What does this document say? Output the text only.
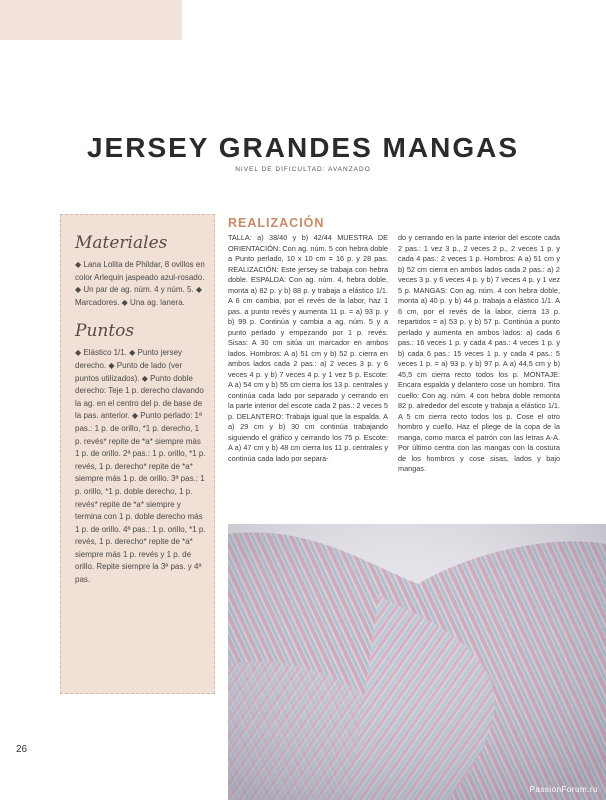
JERSEY GRANDES MANGAS
NIVEL DE DIFICULTAD: AVANZADO
Materiales
◆ Lana Lolita de Phildar, 8 ovillos en color Arlequin jaspeado azul-rosado. ◆ Un par de ag. núm. 4 y núm. 5. ◆ Marcadores. ◆ Una ag. lanera.
Puntos
◆ Elástico 1/1. ◆ Punto jersey derecho. ◆ Punto de lado (ver puntos utilizados). ◆ Punto doble derecho: Teje 1 p. derecho clavando la ag. en el centro del p. de base de la pas. anterior. ◆ Punto perlado: 1ª pas.: 1 p. de orillo, *1 p. derecho, 1 p. revés* repite de *a* siempre más 1 p. de orillo. 2ª pas.: 1 p. orillo, *1 p. revés, 1 p. derecho* repite de *a* siempre más 1 p. de orillo. 3ª pas.: 1 p. orillo, *1 p. doble derecho, 1 p. revés* repite de *a* siempre y termina con 1 p. doble derecho más 1 p. de orillo. 4ª pas.: 1 p. orillo, *1 p. revés, 1 p. derecho* repite de *a* siempre más 1 p. revés y 1 p. de orillo. Repite siempre la 3ª pas. y 4ª pas.
REALIZACIÓN
TALLA: a) 38/40 y b) 42/44 MUESTRA DE ORIENTACIÓN: Con ag. núm. 5 con hebra doble a Punto perlado, 10 x 10 cm = 16 p. y 28 pas. REALIZACIÓN: Este jersey se trabaja con hebra doble. ESPALDA: Con ag. núm. 4, hebra doble, monta a) 82 p. y b) 88 p. y trabaja a elástico 1/1. A 6 cm cambia, por el revés de la labor, haz 1 pas. a punto revés y aumenta 11 p. = a) 93 p. y b) 99 p. Continúa y cambia a ag. núm. 5 y a punto perlado y empezando por 1 p. revés. Sisas: A 30 cm sitúa un marcador en ambos lados. Hombros: A a) 51 cm y b) 52 p. cierra en ambos lados cada 2 pas.: a) 2 veces 3 p. y 6 veces 4 p. y b) 7 veces 4 p. y 1 vez 5 p. Escote: A a) 54 cm y b) 55 cm cierra los 13 p. centrales y continúa cada lado por separado y cerrando en la parte interior del escote cada 2 pas.: 2 veces 5 p. DELANTERO: Trabaja igual que la espalda. A a) 29 cm y b) 30 cm continúa trabajando siguiendo el gráfico y cerrando los 75 p. Escote: A a) 47 cm y b) 48 cm cierra los 11 p. centrales y continúa cada lado por separa-
do y cerrando en la parte interior del escote cada 2 pas.: 1 vez 3 p., 2 veces 2 p., 2 veces 1 p. y cada 4 pas.: 2 veces 1 p. Hombros: A a) 51 cm y b) 52 cm cierra en ambos lados cada 2 pas.: a) 2 veces 3 p. y 6 veces 4 p. y b) 7 veces 4 p. y 1 vez 5 p. MANGAS: Con ag. núm. 4 con hebra doble, monta a) 40 p. y b) 44 p. trabaja a elástico 1/1. A 6 cm, por el revés de la labor, cierra 13 p. repartidos = a) 53 p. y b) 57 p. Continúa a punto perlado y aumenta en ambos lados: a) cada 6 pas.: 16 veces 1 p. y cada 4 pas.: 4 veces 1 p. y b) cada 6 pas.: 15 veces 1 p. y cada 4 pas.: 5 veces 1 p. = a) 93 p. y b) 97 p. A a) 44,5 cm y b) 45,5 cm cierra recto todos los p. MONTAJE: Encara espalda y delantero cose un hombro. Tira cuello: Con ag. núm. 4 con hebra doble remonta 82 p. alrededor del escote y trabaja a elástico 1/1. A 5 cm cierra recto todos los p. Cose el otro hombro y cuello. Haz el pliege de la copa de la manga, como marca el patrón con las letras A-A. Por último centra con las mangas con la costura de los hombros y cose sisas, lados y bajo mangas.
26
PassionForum.ru
